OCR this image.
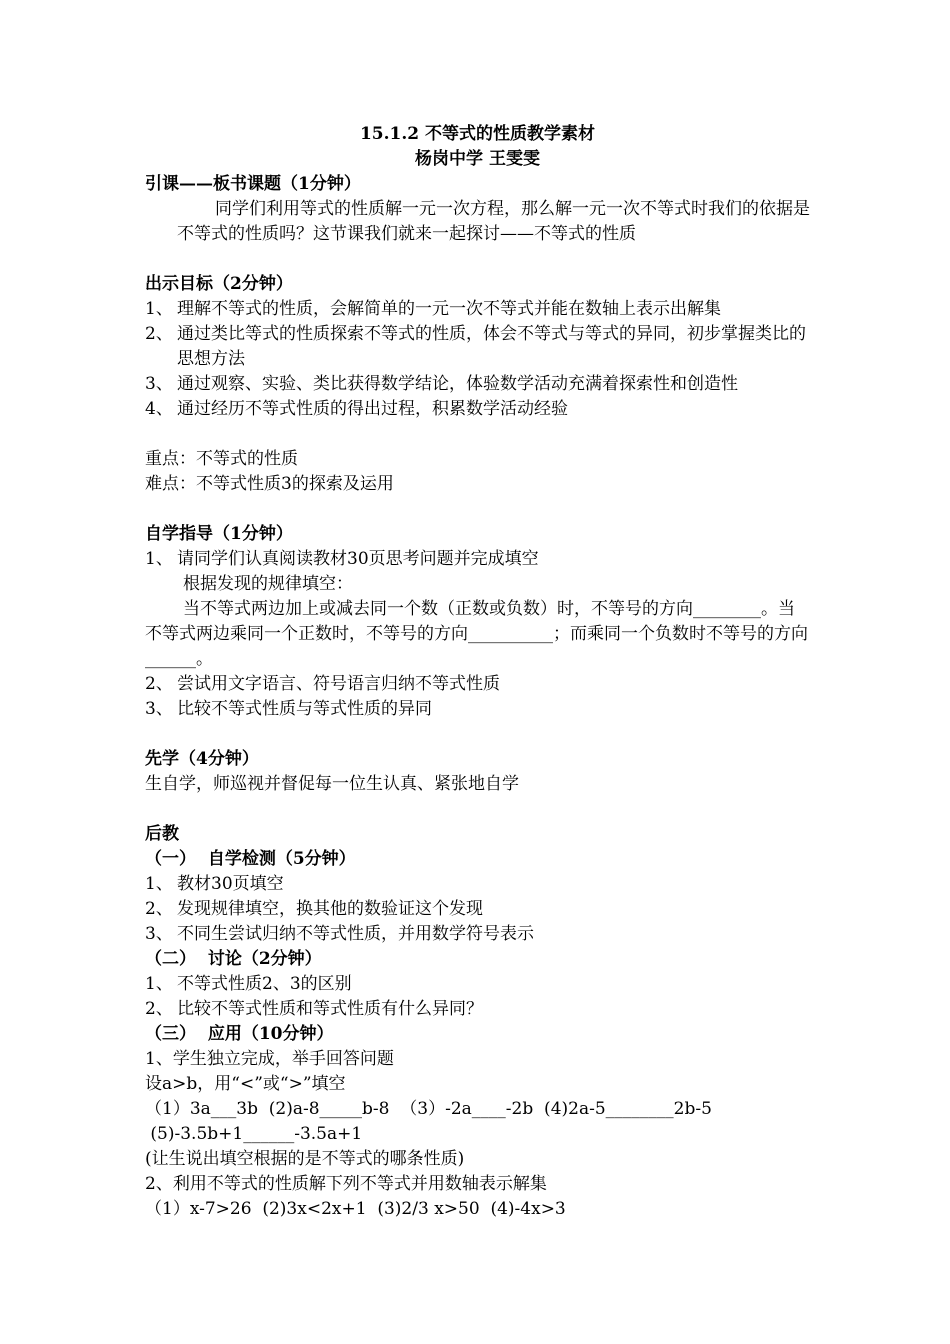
15.1.2 不等式的性质教学素材

杨岗中学 王雯雯

引课——板书课题（1分钟）

同学们利用等式的性质解一元一次方程，那么解一元一次不等式时我们的依据是不等式的性质吗？这节课我们就来一起探讨——不等式的性质

出示目标（2分钟）

1、 理解不等式的性质，会解简单的一元一次不等式并能在数轴上表示出解集
2、 通过类比等式的性质探索不等式的性质，体会不等式与等式的异同，初步掌握类比的思想方法
3、 通过观察、实验、类比获得数学结论，体验数学活动充满着探索性和创造性
4、 通过经历不等式性质的得出过程，积累数学活动经验

重点：不等式的性质

难点：不等式性质3的探索及运用

自学指导（1分钟）

1、 请同学们认真阅读教材30页思考问题并完成填空

根据发现的规律填空：

当不等式两边加上或减去同一个数（正数或负数）时，不等号的方向________。当不等式两边乘同一个正数时，不等号的方向__________；而乘同一个负数时不等号的方向______。

2、 尝试用文字语言、符号语言归纳不等式性质
3、 比较不等式性质与等式性质的异同

先学（4分钟）

生自学，师巡视并督促每一位生认真、紧张地自学

后教

（一）  自学检测（5分钟）

1、 教材30页填空
2、 发现规律填空，换其他的数验证这个发现
3、 不同生尝试归纳不等式性质，并用数学符号表示

（二）  讨论（2分钟）

1、 不等式性质2、3的区别
2、 比较不等式性质和等式性质有什么异同？

（三）  应用（10分钟）

1、学生独立完成，举手回答问题

设a>b，用“<”或“>”填空

（1）3a___3b  (2)a-8_____b-8  （3）-2a____-2b  (4)2a-5________2b-5

(5)-3.5b+1______-3.5a+1

(让生说出填空根据的是不等式的哪条性质)

2、利用不等式的性质解下列不等式并用数轴表示解集

（1）x-7>26  (2)3x<2x+1  (3)2/3 x>50  (4)-4x>3
